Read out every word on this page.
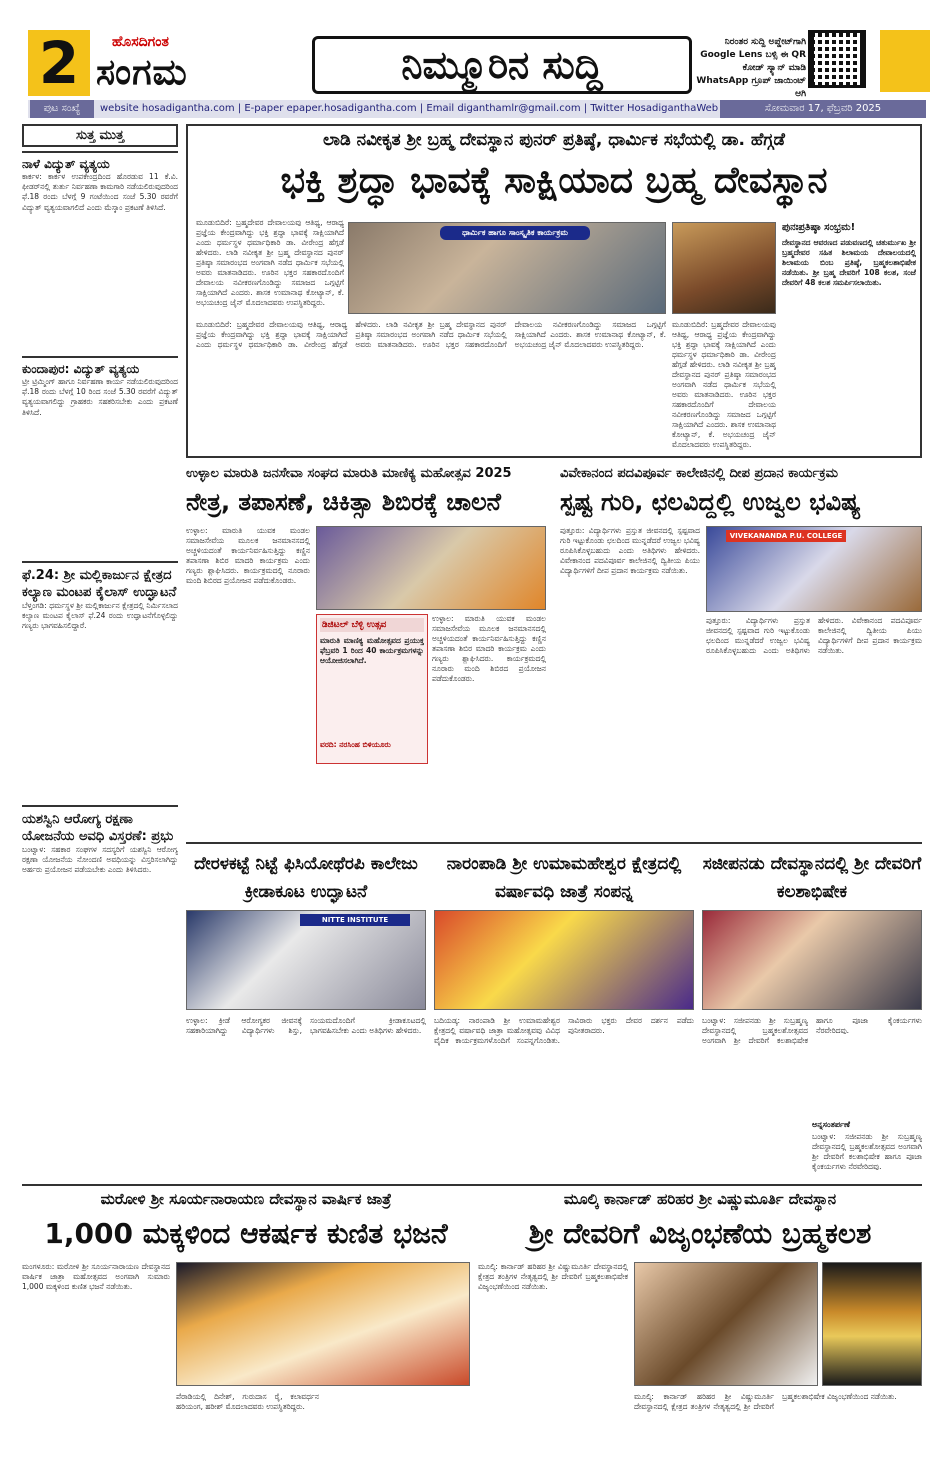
2	ಹೊಸದಿಗಂತ
ಸಂಗಮ	ನಿಮ್ಮೂರಿನ ಸುದ್ದಿ
ನಿರಂತರ ಸುದ್ದಿ ಅಪ್ಡೇಟ್‌ಗಾಗಿ Google Lens ಬಳ್ಸಿ ಈ QR ಕೋಡ್ ಸ್ಕ್ಯಾನ್ ಮಾಡಿ WhatsApp ಗ್ರೂಪ್ ಜಾಯಿಂಟ್ ಆಗಿ
ಪುಟ ಸಂಖ್ಯೆ	website hosadigantha.com | E-paper epaper.hosadigantha.com | Email diganthamlr@gmail.com | Twitter HosadiganthaWeb	ಸೋಮವಾರ 17, ಫೆಬ್ರವರಿ 2025
ಸುತ್ತ ಮುತ್ತ
ನಾಳೆ ವಿದ್ಯುತ್ ವ್ಯತ್ಯಯ
ಕಾರ್ಕಳ: ಕಾರ್ಕಳ ಉಪಕೇಂದ್ರದಿಂದ ಹೊರಡುವ 11 ಕೆ.ವಿ. ಫೀಡರ್‌ನಲ್ಲಿ ತುರ್ತು ನಿರ್ವಹಣಾ ಕಾಮಗಾರಿ ನಡೆಯಲಿರುವುದರಿಂದ ಫೆ.18 ರಂದು ಬೆಳಗ್ಗೆ 9 ಗಂಟೆಯಿಂದ ಸಂಜೆ 5.30 ರವರೆಗೆ ವಿದ್ಯುತ್ ವ್ಯತ್ಯಯವಾಗಲಿದೆ ಎಂದು ಮೆಸ್ಕಾಂ ಪ್ರಕಟಣೆ ತಿಳಿಸಿದೆ.
ಕುಂದಾಪುರ: ವಿದ್ಯುತ್ ವ್ಯತ್ಯಯ
ಟ್ರೀ ಟ್ರಿಮ್ಮಿಂಗ್ ಹಾಗೂ ನಿರ್ವಹಣಾ ಕಾರ್ಯ ನಡೆಯಲಿರುವುದರಿಂದ ಫೆ.18 ರಂದು ಬೆಳಗ್ಗೆ 10 ರಿಂದ ಸಂಜೆ 5.30 ರವರೆಗೆ ವಿದ್ಯುತ್ ವ್ಯತ್ಯಯವಾಗಲಿದ್ದು ಗ್ರಾಹಕರು ಸಹಕರಿಸಬೇಕು ಎಂದು ಪ್ರಕಟಣೆ ತಿಳಿಸಿದೆ.
ಫೆ.24: ಶ್ರೀ ಮಲ್ಲಿಕಾರ್ಜುನ ಕ್ಷೇತ್ರದ ಕಲ್ಯಾಣ ಮಂಟಪ ಕೈಲಾಸ್ ಉದ್ಘಾಟನೆ
ಬೆಳ್ತಂಗಡಿ: ಧರ್ಮಸ್ಥಳ ಶ್ರೀ ಮಲ್ಲಿಕಾರ್ಜುನ ಕ್ಷೇತ್ರದಲ್ಲಿ ನಿರ್ಮಿಸಲಾದ ಕಲ್ಯಾಣ ಮಂಟಪ ಕೈಲಾಸ್ ಫೆ.24 ರಂದು ಉದ್ಘಾಟನೆಗೊಳ್ಳಲಿದ್ದು ಗಣ್ಯರು ಭಾಗವಹಿಸಲಿದ್ದಾರೆ.
ಯಶಸ್ವಿನಿ ಆರೋಗ್ಯ ರಕ್ಷಣಾ ಯೋಜನೆಯ ಅವಧಿ ವಿಸ್ತರಣೆ: ಪ್ರಭು
ಬಂಟ್ವಾಳ: ಸಹಕಾರ ಸಂಘಗಳ ಸದಸ್ಯರಿಗೆ ಯಶಸ್ವಿನಿ ಆರೋಗ್ಯ ರಕ್ಷಣಾ ಯೋಜನೆಯ ನೋಂದಣಿ ಅವಧಿಯನ್ನು ವಿಸ್ತರಿಸಲಾಗಿದ್ದು ಅರ್ಹರು ಪ್ರಯೋಜನ ಪಡೆಯಬೇಕು ಎಂದು ತಿಳಿಸಿದರು.
ಲಾಡಿ ನವೀಕೃತ ಶ್ರೀ ಬ್ರಹ್ಮ ದೇವಸ್ಥಾನ ಪುನರ್ ಪ್ರತಿಷ್ಠೆ, ಧಾರ್ಮಿಕ ಸಭೆಯಲ್ಲಿ ಡಾ. ಹೆಗ್ಗಡೆ
ಭಕ್ತಿ ಶ್ರದ್ಧಾ ಭಾವಕ್ಕೆ ಸಾಕ್ಷಿಯಾದ ಬ್ರಹ್ಮ ದೇವಸ್ಥಾನ
ಮೂಡುಬಿದಿರೆ: ಬ್ರಹ್ಮದೇವರ ದೇವಾಲಯವು ಆತಿಥ್ಯ, ಆರಾಧ್ಯ ಪ್ರಜ್ಞೆಯ ಕೇಂದ್ರವಾಗಿದ್ದು ಭಕ್ತಿ ಶ್ರದ್ಧಾ ಭಾವಕ್ಕೆ ಸಾಕ್ಷಿಯಾಗಿದೆ ಎಂದು ಧರ್ಮಸ್ಥಳ ಧರ್ಮಾಧಿಕಾರಿ ಡಾ. ವೀರೇಂದ್ರ ಹೆಗ್ಗಡೆ ಹೇಳಿದರು. ಲಾಡಿ ನವೀಕೃತ ಶ್ರೀ ಬ್ರಹ್ಮ ದೇವಸ್ಥಾನದ ಪುನರ್ ಪ್ರತಿಷ್ಠಾ ಸಮಾರಂಭದ ಅಂಗವಾಗಿ ನಡೆದ ಧಾರ್ಮಿಕ ಸಭೆಯಲ್ಲಿ ಅವರು ಮಾತನಾಡಿದರು. ಊರಿನ ಭಕ್ತರ ಸಹಕಾರದೊಂದಿಗೆ ದೇವಾಲಯ ನವೀಕರಣಗೊಂಡಿದ್ದು ಸಮಾಜದ ಒಗ್ಗಟ್ಟಿಗೆ ಸಾಕ್ಷಿಯಾಗಿದೆ ಎಂದರು. ಶಾಸಕ ಉಮಾನಾಥ ಕೋಟ್ಯಾನ್, ಕೆ. ಅಭಯಚಂದ್ರ ಜೈನ್ ಮೊದಲಾದವರು ಉಪಸ್ಥಿತರಿದ್ದರು.
ಧಾರ್ಮಿಕ ಹಾಗೂ ಸಾಂಸ್ಕೃತಿಕ ಕಾರ್ಯಕ್ರಮ
ಮೂಡುಬಿದಿರೆ: ಬ್ರಹ್ಮದೇವರ ದೇವಾಲಯವು ಆತಿಥ್ಯ, ಆರಾಧ್ಯ ಪ್ರಜ್ಞೆಯ ಕೇಂದ್ರವಾಗಿದ್ದು ಭಕ್ತಿ ಶ್ರದ್ಧಾ ಭಾವಕ್ಕೆ ಸಾಕ್ಷಿಯಾಗಿದೆ ಎಂದು ಧರ್ಮಸ್ಥಳ ಧರ್ಮಾಧಿಕಾರಿ ಡಾ. ವೀರೇಂದ್ರ ಹೆಗ್ಗಡೆ ಹೇಳಿದರು. ಲಾಡಿ ನವೀಕೃತ ಶ್ರೀ ಬ್ರಹ್ಮ ದೇವಸ್ಥಾನದ ಪುನರ್ ಪ್ರತಿಷ್ಠಾ ಸಮಾರಂಭದ ಅಂಗವಾಗಿ ನಡೆದ ಧಾರ್ಮಿಕ ಸಭೆಯಲ್ಲಿ ಅವರು ಮಾತನಾಡಿದರು. ಊರಿನ ಭಕ್ತರ ಸಹಕಾರದೊಂದಿಗೆ ದೇವಾಲಯ ನವೀಕರಣಗೊಂಡಿದ್ದು ಸಮಾಜದ ಒಗ್ಗಟ್ಟಿಗೆ ಸಾಕ್ಷಿಯಾಗಿದೆ ಎಂದರು. ಶಾಸಕ ಉಮಾನಾಥ ಕೋಟ್ಯಾನ್, ಕೆ. ಅಭಯಚಂದ್ರ ಜೈನ್ ಮೊದಲಾದವರು ಉಪಸ್ಥಿತರಿದ್ದರು.
ಮೂಡುಬಿದಿರೆ: ಬ್ರಹ್ಮದೇವರ ದೇವಾಲಯವು ಆತಿಥ್ಯ, ಆರಾಧ್ಯ ಪ್ರಜ್ಞೆಯ ಕೇಂದ್ರವಾಗಿದ್ದು ಭಕ್ತಿ ಶ್ರದ್ಧಾ ಭಾವಕ್ಕೆ ಸಾಕ್ಷಿಯಾಗಿದೆ ಎಂದು ಧರ್ಮಸ್ಥಳ ಧರ್ಮಾಧಿಕಾರಿ ಡಾ. ವೀರೇಂದ್ರ ಹೆಗ್ಗಡೆ ಹೇಳಿದರು. ಲಾಡಿ ನವೀಕೃತ ಶ್ರೀ ಬ್ರಹ್ಮ ದೇವಸ್ಥಾನದ ಪುನರ್ ಪ್ರತಿಷ್ಠಾ ಸಮಾರಂಭದ ಅಂಗವಾಗಿ ನಡೆದ ಧಾರ್ಮಿಕ ಸಭೆಯಲ್ಲಿ ಅವರು ಮಾತನಾಡಿದರು. ಊರಿನ ಭಕ್ತರ ಸಹಕಾರದೊಂದಿಗೆ ದೇವಾಲಯ ನವೀಕರಣಗೊಂಡಿದ್ದು ಸಮಾಜದ ಒಗ್ಗಟ್ಟಿಗೆ ಸಾಕ್ಷಿಯಾಗಿದೆ ಎಂದರು. ಶಾಸಕ ಉಮಾನಾಥ ಕೋಟ್ಯಾನ್, ಕೆ. ಅಭಯಚಂದ್ರ ಜೈನ್ ಮೊದಲಾದವರು ಉಪಸ್ಥಿತರಿದ್ದರು.
ಪುನಃಪ್ರತಿಷ್ಠಾ ಸಂಭ್ರಮ!
ದೇವಸ್ಥಾನದ ಆವರಣದ ಪಡುವಣದಲ್ಲಿ ಚತುರ್ಮುಖ ಶ್ರೀ ಬ್ರಹ್ಮದೇವರ ಸಹಿತ ಶಿಲಾಮಯ ದೇವಾಲಯದಲ್ಲಿ ಶಿಲಾಮಯ ಬಿಂಬ ಪ್ರತಿಷ್ಠೆ, ಬ್ರಹ್ಮಕಲಶಾಭಿಷೇಕ ನಡೆಯಿತು. ಶ್ರೀ ಬ್ರಹ್ಮ ದೇವರಿಗೆ 108 ಕಲಶ, ಸಂಜೆ ದೇವರಿಗೆ 48 ಕಲಶ ಸಮರ್ಪಿಸಲಾಯಿತು.
ಉಳ್ಳಾಲ ಮಾರುತಿ ಜನಸೇವಾ ಸಂಘದ ಮಾರುತಿ ಮಾಣಿಕ್ಯ ಮಹೋತ್ಸವ 2025
ನೇತ್ರ, ತಪಾಸಣೆ, ಚಿಕಿತ್ಸಾ ಶಿಬಿರಕ್ಕೆ ಚಾಲನೆ
ಉಳ್ಳಾಲ: ಮಾರುತಿ ಯುವಕ ಮಂಡಲ ಸಮಾಜಸೇವೆಯ ಮೂಲಕ ಜನಮಾನಸದಲ್ಲಿ ಅಚ್ಚಳಿಯದಂತೆ ಕಾರ್ಯನಿರ್ವಹಿಸುತ್ತಿದ್ದು ಕಣ್ಣಿನ ತಪಾಸಣಾ ಶಿಬಿರ ಮಾದರಿ ಕಾರ್ಯಕ್ರಮ ಎಂದು ಗಣ್ಯರು ಶ್ಲಾಘಿಸಿದರು. ಕಾರ್ಯಕ್ರಮದಲ್ಲಿ ನೂರಾರು ಮಂದಿ ಶಿಬಿರದ ಪ್ರಯೋಜನ ಪಡೆದುಕೊಂಡರು.
ಡಿಜಿಟಲ್ ಬೆಳ್ಳಿ ಉತ್ಸವ
ಮಾರುತಿ ಮಾಣಿಕ್ಯ ಮಹೋತ್ಸವದ ಪ್ರಯುಕ್ತ ಫೆಬ್ರವರಿ 1 ರಿಂದ 40 ಕಾರ್ಯಕ್ರಮಗಳನ್ನು ಆಯೋಜಿಸಲಾಗಿದೆ.
ವರದಿ: ನರಸಿಂಹ ಬಿಳಿಯೂರು
ಉಳ್ಳಾಲ: ಮಾರುತಿ ಯುವಕ ಮಂಡಲ ಸಮಾಜಸೇವೆಯ ಮೂಲಕ ಜನಮಾನಸದಲ್ಲಿ ಅಚ್ಚಳಿಯದಂತೆ ಕಾರ್ಯನಿರ್ವಹಿಸುತ್ತಿದ್ದು ಕಣ್ಣಿನ ತಪಾಸಣಾ ಶಿಬಿರ ಮಾದರಿ ಕಾರ್ಯಕ್ರಮ ಎಂದು ಗಣ್ಯರು ಶ್ಲಾಘಿಸಿದರು. ಕಾರ್ಯಕ್ರಮದಲ್ಲಿ ನೂರಾರು ಮಂದಿ ಶಿಬಿರದ ಪ್ರಯೋಜನ ಪಡೆದುಕೊಂಡರು.
ವಿವೇಕಾನಂದ ಪದವಿಪೂರ್ವ ಕಾಲೇಜಿನಲ್ಲಿ ದೀಪ ಪ್ರದಾನ ಕಾರ್ಯಕ್ರಮ
ಸ್ಪಷ್ಟ ಗುರಿ, ಛಲವಿದ್ದಲ್ಲಿ ಉಜ್ವಲ ಭವಿಷ್ಯ
ಪುತ್ತೂರು: ವಿದ್ಯಾರ್ಥಿಗಳು ಪ್ರಸ್ತುತ ಜೀವನದಲ್ಲಿ ಸ್ಪಷ್ಟವಾದ ಗುರಿ ಇಟ್ಟುಕೊಂಡು ಛಲದಿಂದ ಮುನ್ನಡೆದರೆ ಉಜ್ವಲ ಭವಿಷ್ಯ ರೂಪಿಸಿಕೊಳ್ಳಬಹುದು ಎಂದು ಅತಿಥಿಗಳು ಹೇಳಿದರು. ವಿವೇಕಾನಂದ ಪದವಿಪೂರ್ವ ಕಾಲೇಜಿನಲ್ಲಿ ದ್ವಿತೀಯ ಪಿಯು ವಿದ್ಯಾರ್ಥಿಗಳಿಗೆ ದೀಪ ಪ್ರದಾನ ಕಾರ್ಯಕ್ರಮ ನಡೆಯಿತು.
VIVEKANANDA P.U. COLLEGE
ಪುತ್ತೂರು: ವಿದ್ಯಾರ್ಥಿಗಳು ಪ್ರಸ್ತುತ ಜೀವನದಲ್ಲಿ ಸ್ಪಷ್ಟವಾದ ಗುರಿ ಇಟ್ಟುಕೊಂಡು ಛಲದಿಂದ ಮುನ್ನಡೆದರೆ ಉಜ್ವಲ ಭವಿಷ್ಯ ರೂಪಿಸಿಕೊಳ್ಳಬಹುದು ಎಂದು ಅತಿಥಿಗಳು ಹೇಳಿದರು. ವಿವೇಕಾನಂದ ಪದವಿಪೂರ್ವ ಕಾಲೇಜಿನಲ್ಲಿ ದ್ವಿತೀಯ ಪಿಯು ವಿದ್ಯಾರ್ಥಿಗಳಿಗೆ ದೀಪ ಪ್ರದಾನ ಕಾರ್ಯಕ್ರಮ ನಡೆಯಿತು.
ದೇರಳಕಟ್ಟೆ ನಿಟ್ಟೆ ಫಿಸಿಯೋಥೆರಪಿ ಕಾಲೇಜು ಕ್ರೀಡಾಕೂಟ ಉದ್ಘಾಟನೆ
NITTE INSTITUTE
ಉಳ್ಳಾಲ: ಕ್ರೀಡೆ ಆರೋಗ್ಯಕರ ಜೀವನಕ್ಕೆ ಸಹಕಾರಿಯಾಗಿದ್ದು ವಿದ್ಯಾರ್ಥಿಗಳು ಶಿಸ್ತು, ಸಂಯಮದೊಂದಿಗೆ ಕ್ರೀಡಾಕೂಟದಲ್ಲಿ ಭಾಗವಹಿಸಬೇಕು ಎಂದು ಅತಿಥಿಗಳು ಹೇಳಿದರು.
ನಾರಂಪಾಡಿ ಶ್ರೀ ಉಮಾಮಹೇಶ್ವರ ಕ್ಷೇತ್ರದಲ್ಲಿ ವರ್ಷಾವಧಿ ಜಾತ್ರೆ ಸಂಪನ್ನ
ಬದಿಯಡ್ಕ: ನಾರಂಪಾಡಿ ಶ್ರೀ ಉಮಾಮಹೇಶ್ವರ ಕ್ಷೇತ್ರದಲ್ಲಿ ವರ್ಷಾವಧಿ ಜಾತ್ರಾ ಮಹೋತ್ಸವವು ವಿವಿಧ ವೈದಿಕ ಕಾರ್ಯಕ್ರಮಗಳೊಂದಿಗೆ ಸಂಪನ್ನಗೊಂಡಿತು. ಸಾವಿರಾರು ಭಕ್ತರು ದೇವರ ದರ್ಶನ ಪಡೆದು ಪುನೀತರಾದರು.
ಸಜೀಪನಡು ದೇವಸ್ಥಾನದಲ್ಲಿ ಶ್ರೀ ದೇವರಿಗೆ ಕಲಶಾಭಿಷೇಕ
ಬಂಟ್ವಾಳ: ಸಜೀಪನಡು ಶ್ರೀ ಸುಬ್ರಹ್ಮಣ್ಯ ದೇವಸ್ಥಾನದಲ್ಲಿ ಬ್ರಹ್ಮಕಲಶೋತ್ಸವದ ಅಂಗವಾಗಿ ಶ್ರೀ ದೇವರಿಗೆ ಕಲಶಾಭಿಷೇಕ ಹಾಗೂ ಪೂಜಾ ಕೈಂಕರ್ಯಗಳು ನೆರವೇರಿದವು.
ಅನ್ನಸಂತರ್ಪಣೆ
ಬಂಟ್ವಾಳ: ಸಜೀಪನಡು ಶ್ರೀ ಸುಬ್ರಹ್ಮಣ್ಯ ದೇವಸ್ಥಾನದಲ್ಲಿ ಬ್ರಹ್ಮಕಲಶೋತ್ಸವದ ಅಂಗವಾಗಿ ಶ್ರೀ ದೇವರಿಗೆ ಕಲಶಾಭಿಷೇಕ ಹಾಗೂ ಪೂಜಾ ಕೈಂಕರ್ಯಗಳು ನೆರವೇರಿದವು.
ಮರೋಳಿ ಶ್ರೀ ಸೂರ್ಯನಾರಾಯಣ ದೇವಸ್ಥಾನ ವಾರ್ಷಿಕ ಜಾತ್ರೆ
1,000 ಮಕ್ಕಳಿಂದ ಆಕರ್ಷಕ ಕುಣಿತ ಭಜನೆ
ಮಂಗಳೂರು: ಮರೋಳಿ ಶ್ರೀ ಸೂರ್ಯನಾರಾಯಣ ದೇವಸ್ಥಾನದ ವಾರ್ಷಿಕ ಜಾತ್ರಾ ಮಹೋತ್ಸವದ ಅಂಗವಾಗಿ ಸುಮಾರು 1,000 ಮಕ್ಕಳಿಂದ ಕುಣಿತ ಭಜನೆ ನಡೆಯಿತು.
ಪೆರಾಡಿಯಲ್ಲಿ ದಿನೇಶ್, ಗುರುದಾಸ ರೈ, ಕಲಾವರ್ಧನ ಹರಿಯಂಗ, ಹರೀಶ್ ಮೊದಲಾದವರು ಉಪಸ್ಥಿತರಿದ್ದರು.
ಮೂಲ್ಕಿ ಕಾರ್ನಾಡ್ ಹರಿಹರ ಶ್ರೀ ವಿಷ್ಣುಮೂರ್ತಿ ದೇವಸ್ಥಾನ
ಶ್ರೀ ದೇವರಿಗೆ ವಿಜೃಂಭಣೆಯ ಬ್ರಹ್ಮಕಲಶ
ಮೂಲ್ಕಿ: ಕಾರ್ನಾಡ್ ಹರಿಹರ ಶ್ರೀ ವಿಷ್ಣುಮೂರ್ತಿ ದೇವಸ್ಥಾನದಲ್ಲಿ ಕ್ಷೇತ್ರದ ತಂತ್ರಿಗಳ ನೇತೃತ್ವದಲ್ಲಿ ಶ್ರೀ ದೇವರಿಗೆ ಬ್ರಹ್ಮಕಲಶಾಭಿಷೇಕ ವಿಜೃಂಭಣೆಯಿಂದ ನಡೆಯಿತು.
ಮೂಲ್ಕಿ: ಕಾರ್ನಾಡ್ ಹರಿಹರ ಶ್ರೀ ವಿಷ್ಣುಮೂರ್ತಿ ದೇವಸ್ಥಾನದಲ್ಲಿ ಕ್ಷೇತ್ರದ ತಂತ್ರಿಗಳ ನೇತೃತ್ವದಲ್ಲಿ ಶ್ರೀ ದೇವರಿಗೆ ಬ್ರಹ್ಮಕಲಶಾಭಿಷೇಕ ವಿಜೃಂಭಣೆಯಿಂದ ನಡೆಯಿತು.
